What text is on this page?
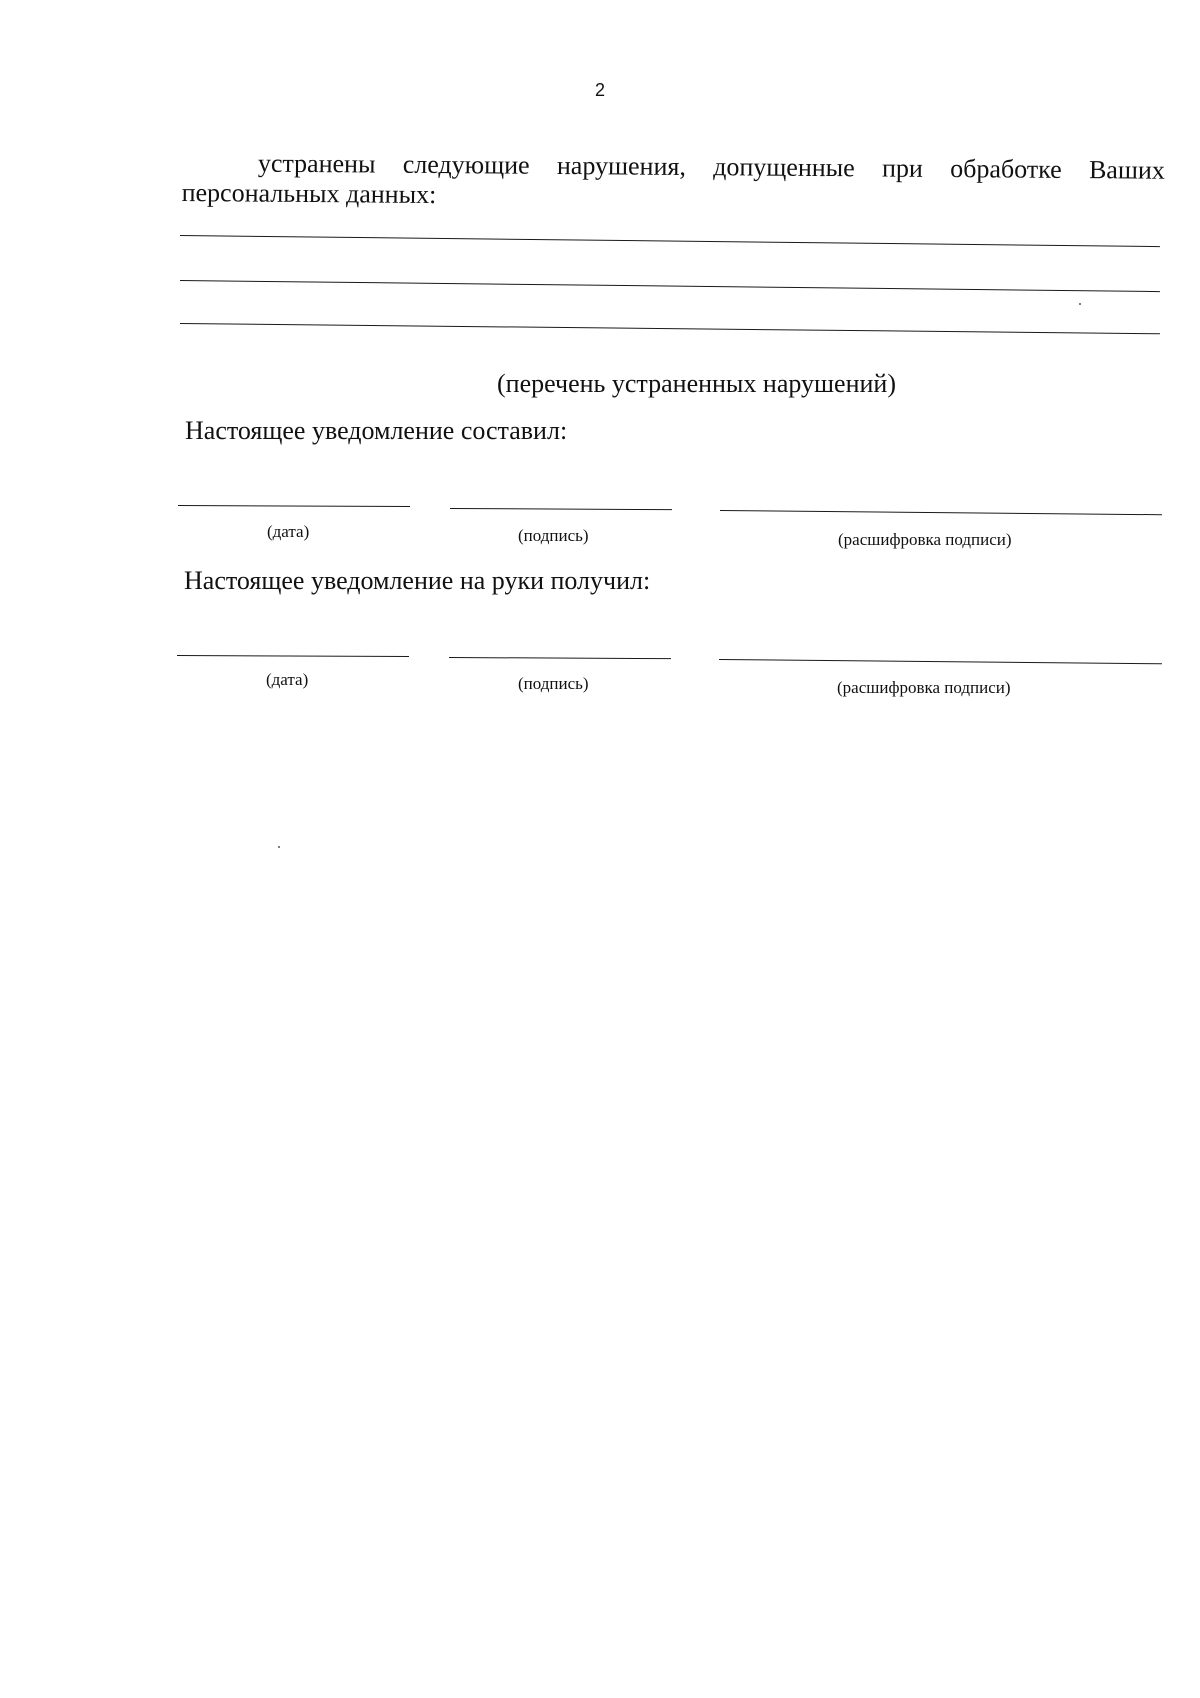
2
устранены следующие нарушения, допущенные при обработке Ваших
персональных данных:
(перечень устраненных нарушений)
Настоящее уведомление составил:
(дата)	(подпись)	(расшифровка подписи)
Настоящее уведомление на руки получил:
(дата)	(подпись)	(расшифровка подписи)
